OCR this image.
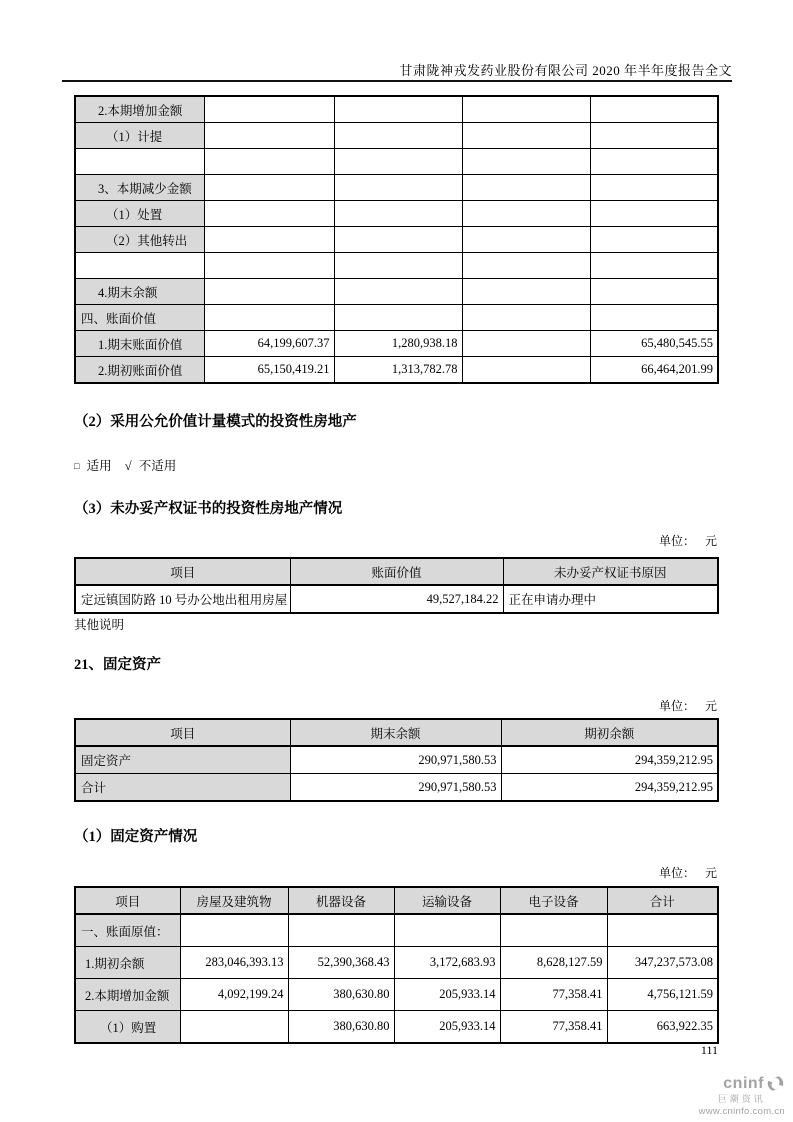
甘肃陇神戎发药业股份有限公司 2020 年半年度报告全文
2.本期增加金额				
（1）计提				

3、本期减少金额				
（1）处置				
（2）其他转出				

4.期末余额				
四、账面价值				
1.期末账面价值	64,199,607.37	1,280,938.18		65,480,545.55
2.期初账面价值	65,150,419.21	1,313,782.78		66,464,201.99
（2）采用公允价值计量模式的投资性房地产
□ 适用 √ 不适用
（3）未办妥产权证书的投资性房地产情况
单位： 元
项目	账面价值	未办妥产权证书原因
定远镇国防路 10 号办公地出租用房屋	49,527,184.22	正在申请办理中
其他说明
21、固定资产
单位： 元
项目	期末余额	期初余额
固定资产	290,971,580.53	294,359,212.95
合计	290,971,580.53	294,359,212.95
（1）固定资产情况
单位： 元
项目	房屋及建筑物	机器设备	运输设备	电子设备	合计
一、账面原值：					
1.期初余额	283,046,393.13	52,390,368.43	3,172,683.93	8,628,127.59	347,237,573.08
2.本期增加金额	4,092,199.24	380,630.80	205,933.14	77,358.41	4,756,121.59
（1）购置		380,630.80	205,933.14	77,358.41	663,922.35
111
cninf
巨潮资讯
www.cninfo.com.cn
